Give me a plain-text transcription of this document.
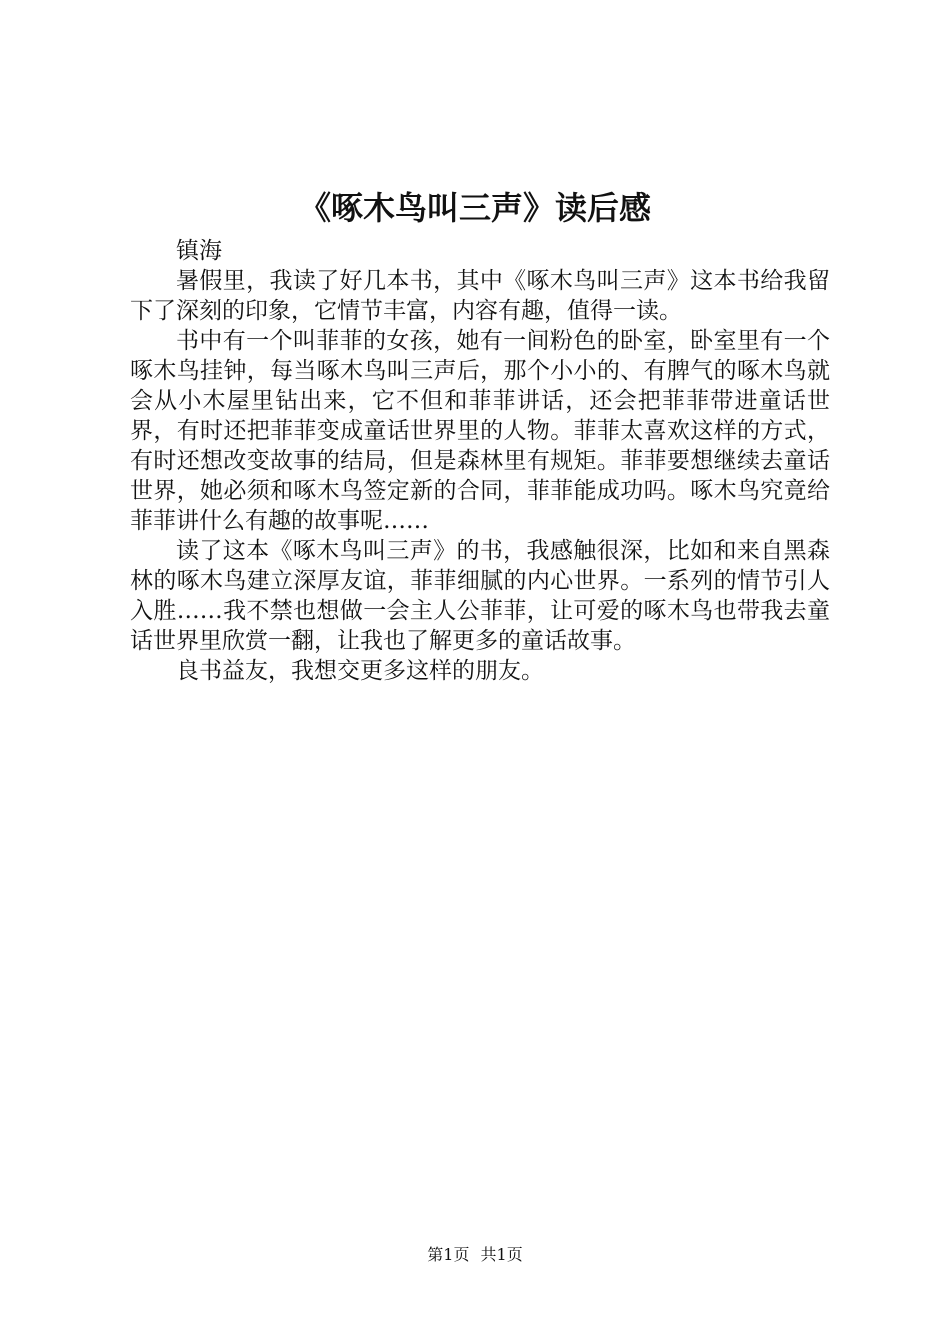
《啄木鸟叫三声》读后感

镇海

暑假里，我读了好几本书，其中《啄木鸟叫三声》这本书给我留下了深刻的印象，它情节丰富，内容有趣，值得一读。

书中有一个叫菲菲的女孩，她有一间粉色的卧室，卧室里有一个啄木鸟挂钟，每当啄木鸟叫三声后，那个小小的、有脾气的啄木鸟就会从小木屋里钻出来，它不但和菲菲讲话，还会把菲菲带进童话世界，有时还把菲菲变成童话世界里的人物。菲菲太喜欢这样的方式，有时还想改变故事的结局，但是森林里有规矩。菲菲要想继续去童话世界，她必须和啄木鸟签定新的合同，菲菲能成功吗。啄木鸟究竟给菲菲讲什么有趣的故事呢……

读了这本《啄木鸟叫三声》的书，我感触很深，比如和来自黑森林的啄木鸟建立深厚友谊，菲菲细腻的内心世界。一系列的情节引人入胜……我不禁也想做一会主人公菲菲，让可爱的啄木鸟也带我去童话世界里欣赏一翻，让我也了解更多的童话故事。

良书益友，我想交更多这样的朋友。

第1页 共1页
